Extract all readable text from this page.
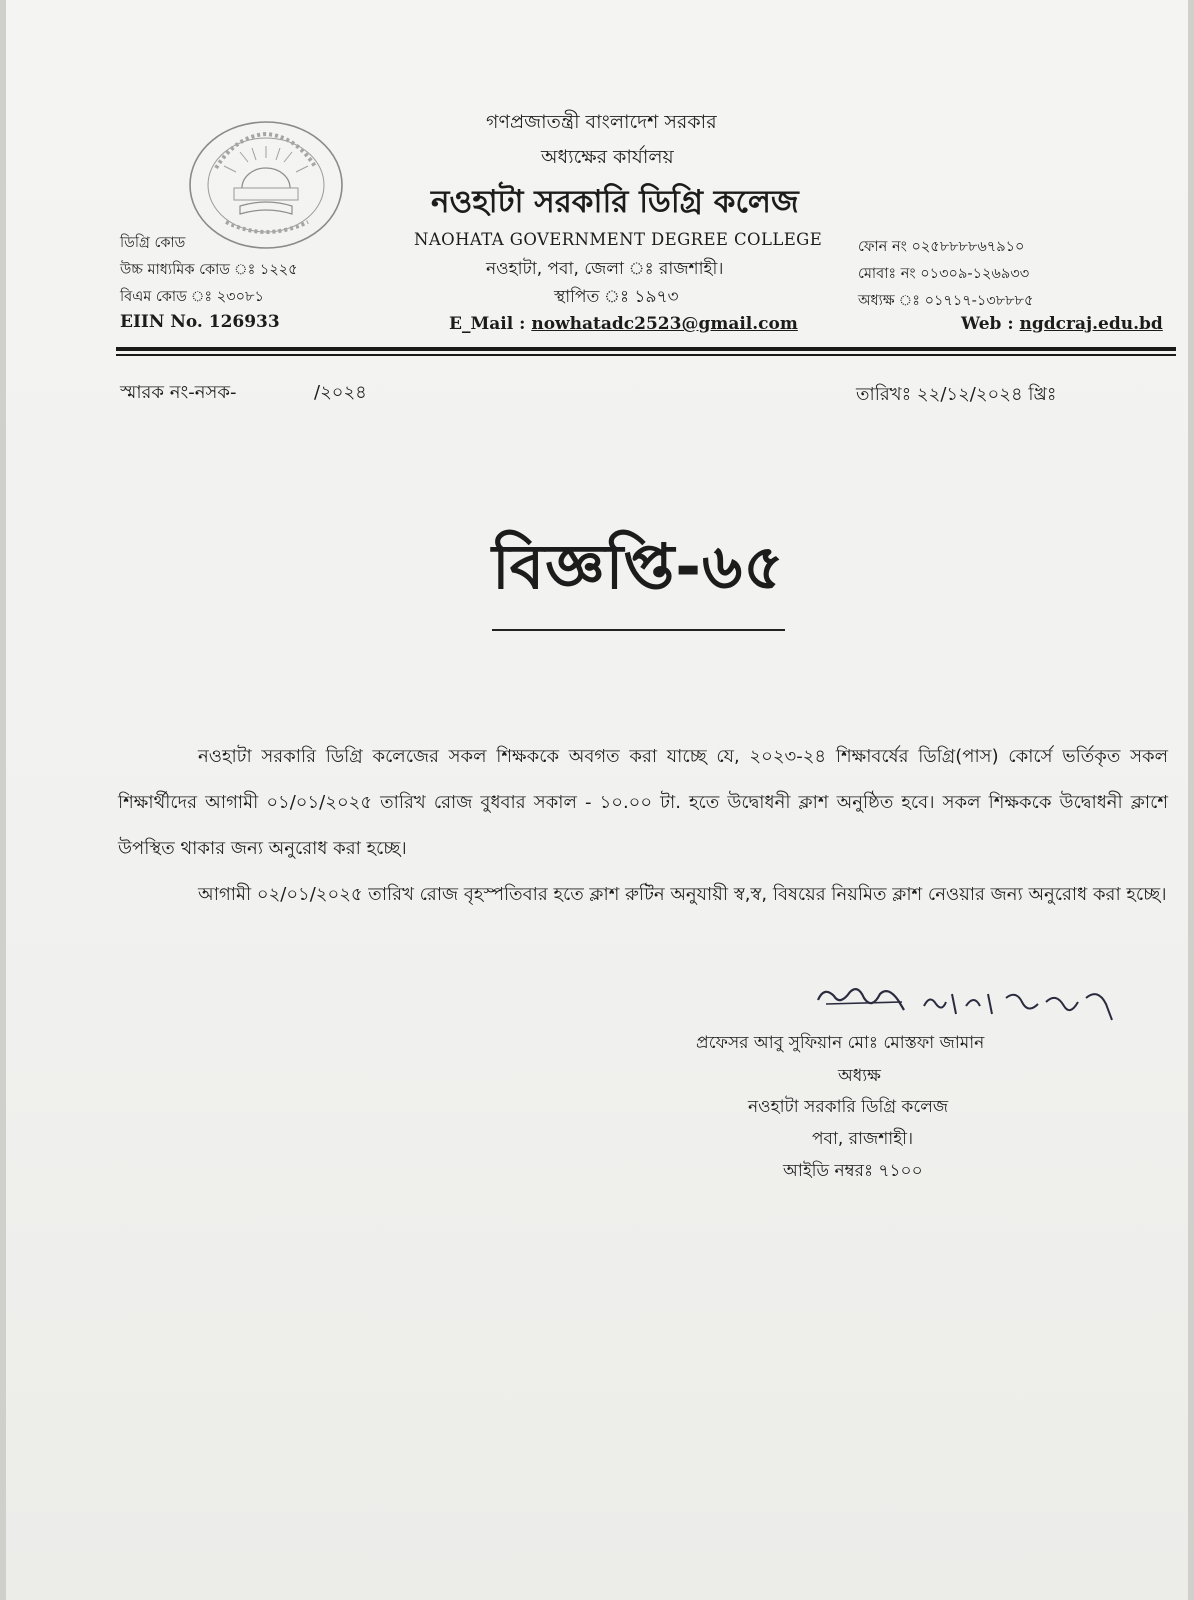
গণপ্রজাতন্ত্রী বাংলাদেশ সরকার
অধ্যক্ষের কার্যালয়
নওহাটা সরকারি ডিগ্রি কলেজ
NAOHATA GOVERNMENT DEGREE COLLEGE
নওহাটা, পবা, জেলা ঃ রাজশাহী।
স্থাপিত ঃ ১৯৭৩
E_Mail : nowhatadc2523@gmail.com	Web : ngdcraj.edu.bd
ডিগ্রি কোড
উচ্চ মাধ্যমিক কোড ঃ ১২২৫
বিএম কোড ঃ ২৩০৮১
EIIN No. 126933
ফোন নং ০২৫৮৮৮৮৬৭৯১০
মোবাঃ নং ০১৩০৯-১২৬৯৩৩
অধ্যক্ষ ঃ ০১৭১৭-১৩৮৮৮৫
স্মারক নং-নসক-	/২০২৪	তারিখঃ ২২/১২/২০২৪ খ্রিঃ
বিজ্ঞপ্তি-৬৫
নওহাটা সরকারি ডিগ্রি কলেজের সকল শিক্ষককে অবগত করা যাচ্ছে যে, ২০২৩-২৪ শিক্ষাবর্ষের ডিগ্রি(পাস) কোর্সে ভর্তিকৃত সকল শিক্ষার্থীদের আগামী ০১/০১/২০২৫ তারিখ রোজ বুধবার সকাল - ১০.০০ টা. হতে উদ্বোধনী ক্লাশ অনুষ্ঠিত হবে। সকল শিক্ষককে উদ্বোধনী ক্লাশে উপস্থিত থাকার জন্য অনুরোধ করা হচ্ছে।
আগামী ০২/০১/২০২৫ তারিখ রোজ বৃহস্পতিবার হতে ক্লাশ রুটিন অনুযায়ী স্ব,স্ব, বিষয়ের নিয়মিত ক্লাশ নেওয়ার জন্য অনুরোধ করা হচ্ছে।
প্রফেসর আবু সুফিয়ান মোঃ মোস্তফা জামান
অধ্যক্ষ
নওহাটা সরকারি ডিগ্রি কলেজ
পবা, রাজশাহী।
আইডি নম্বরঃ ৭১০০
